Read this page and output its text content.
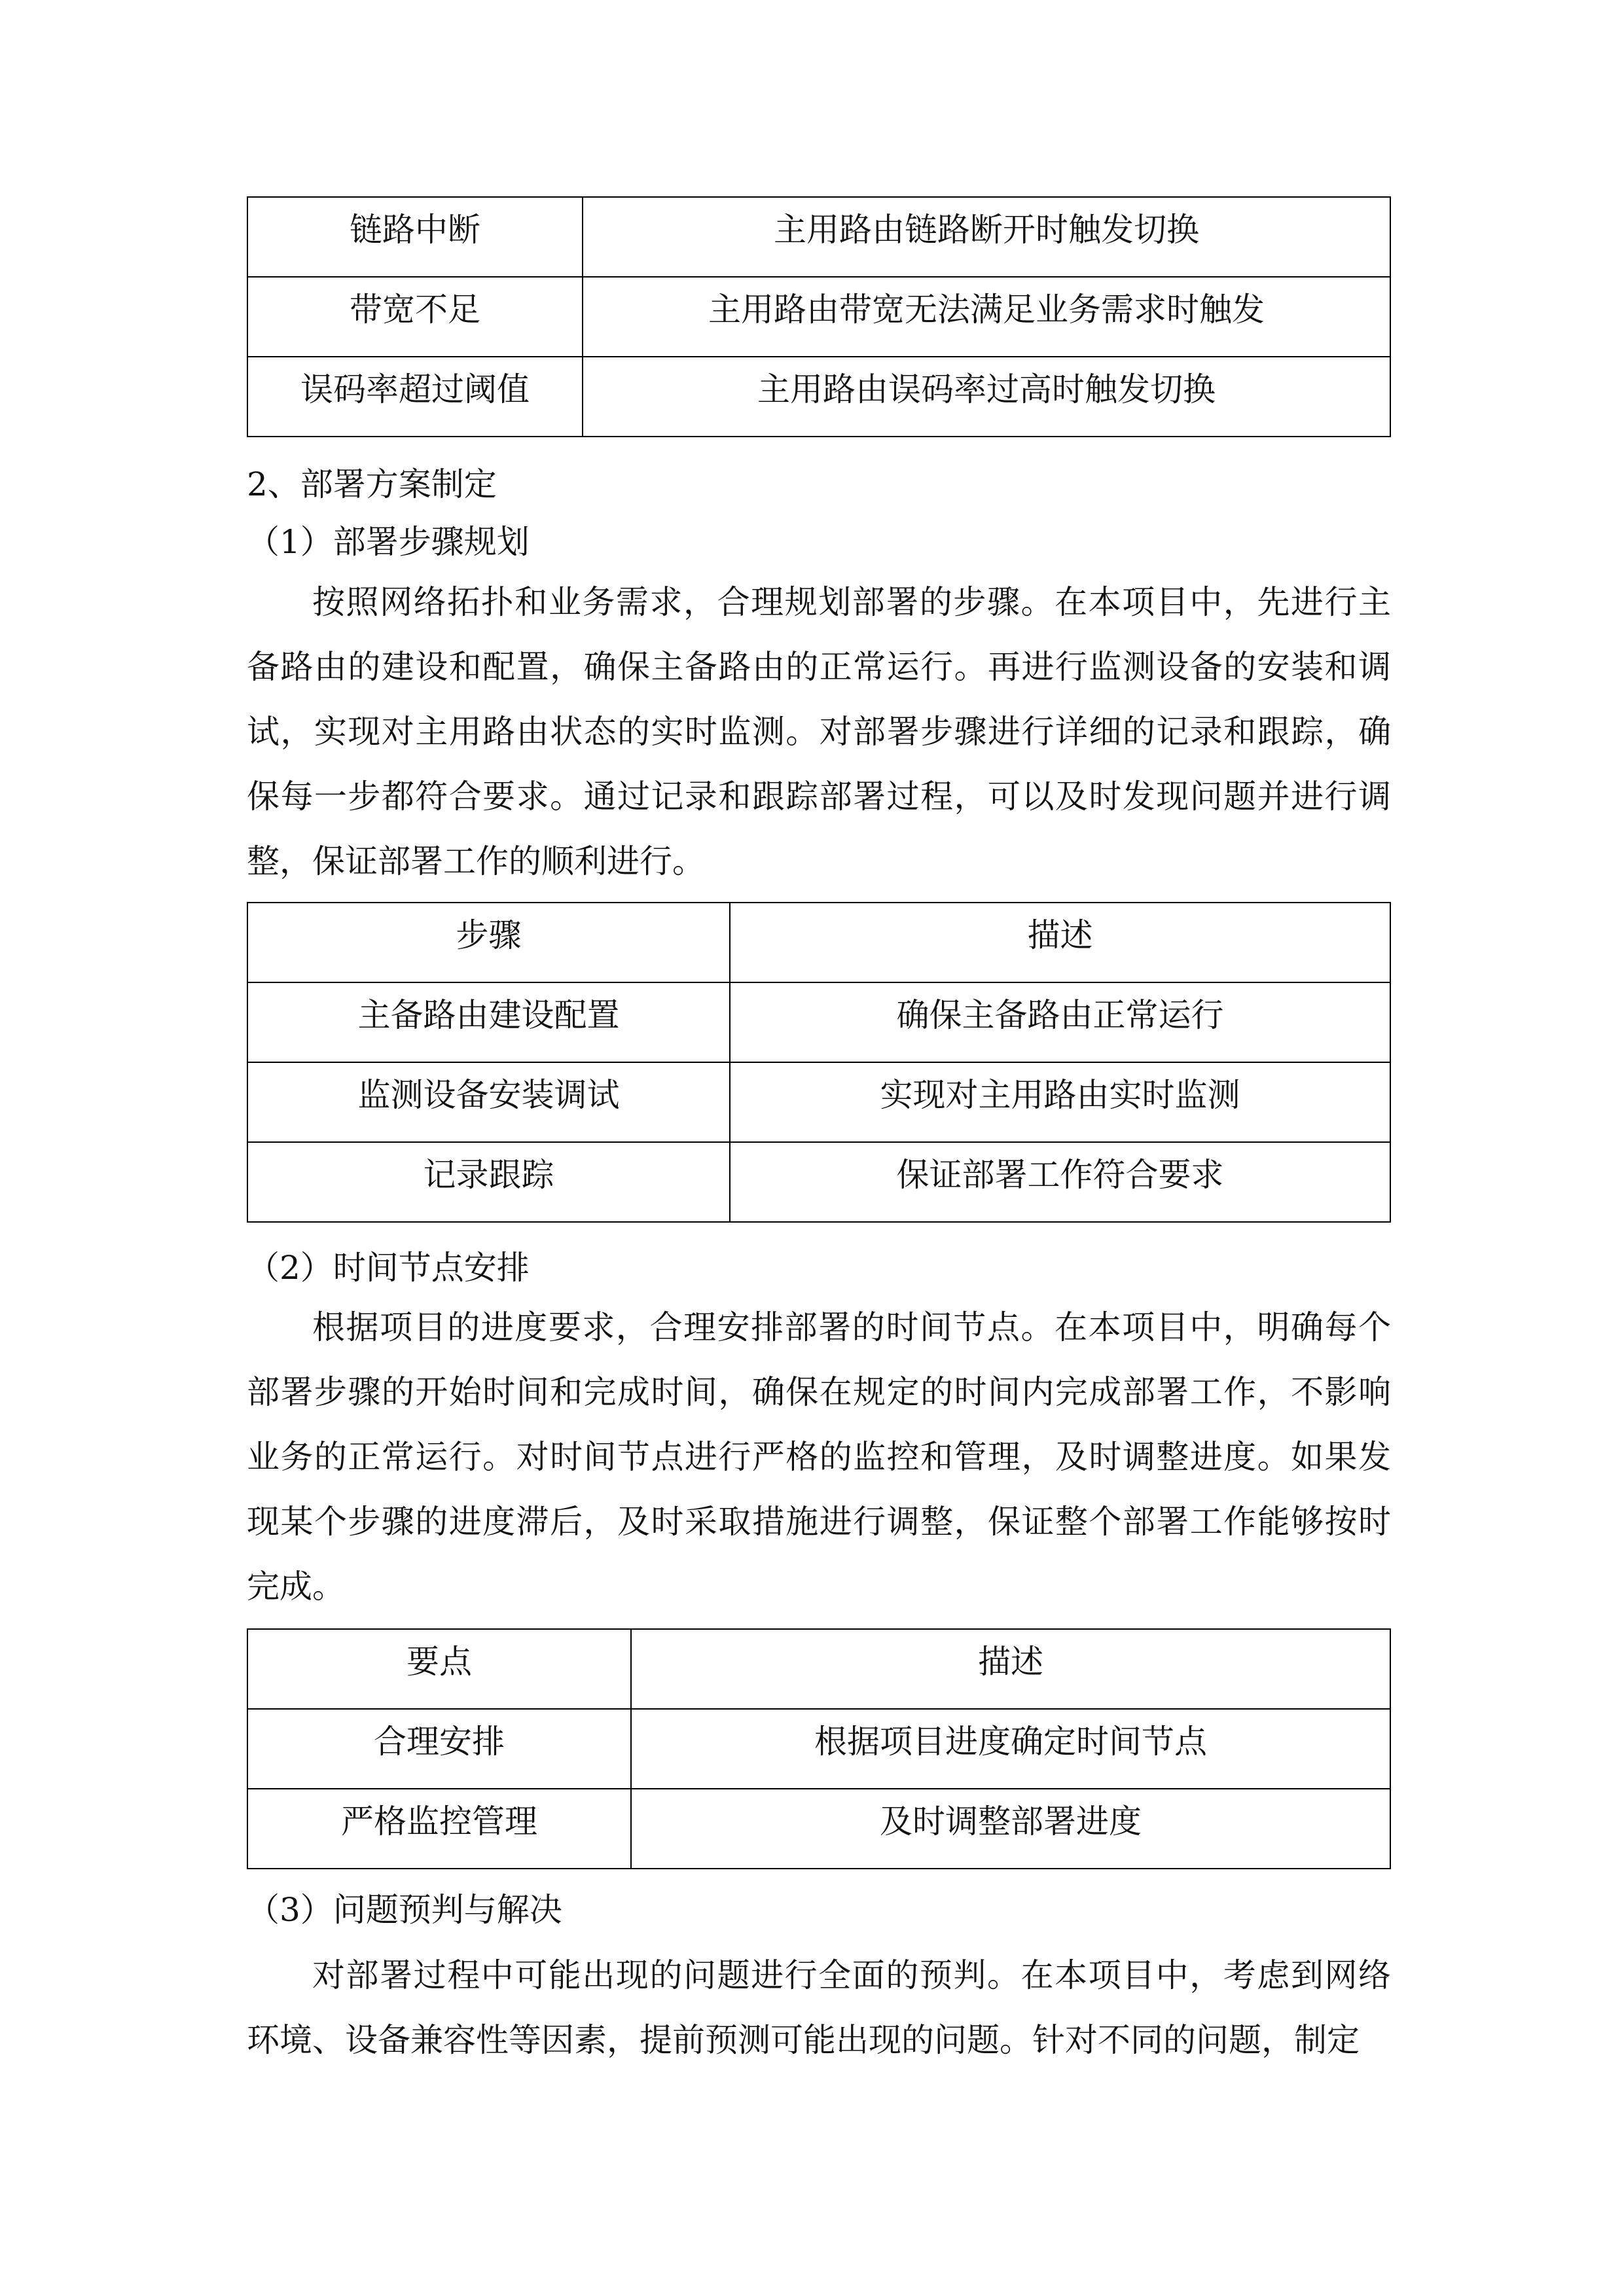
链路中断	主用路由链路断开时触发切换
带宽不足	主用路由带宽无法满足业务需求时触发
误码率超过阈值	主用路由误码率过高时触发切换
2、部署方案制定
（1）部署步骤规划
按照网络拓扑和业务需求，合理规划部署的步骤。在本项目中，先进行主备路由的建设和配置，确保主备路由的正常运行。再进行监测设备的安装和调试，实现对主用路由状态的实时监测。对部署步骤进行详细的记录和跟踪，确保每一步都符合要求。通过记录和跟踪部署过程，可以及时发现问题并进行调整，保证部署工作的顺利进行。
步骤	描述
主备路由建设配置	确保主备路由正常运行
监测设备安装调试	实现对主用路由实时监测
记录跟踪	保证部署工作符合要求
（2）时间节点安排
根据项目的进度要求，合理安排部署的时间节点。在本项目中，明确每个部署步骤的开始时间和完成时间，确保在规定的时间内完成部署工作，不影响业务的正常运行。对时间节点进行严格的监控和管理，及时调整进度。如果发现某个步骤的进度滞后，及时采取措施进行调整，保证整个部署工作能够按时完成。
要点	描述
合理安排	根据项目进度确定时间节点
严格监控管理	及时调整部署进度
（3）问题预判与解决
对部署过程中可能出现的问题进行全面的预判。在本项目中，考虑到网络环境、设备兼容性等因素，提前预测可能出现的问题。针对不同的问题，制定
